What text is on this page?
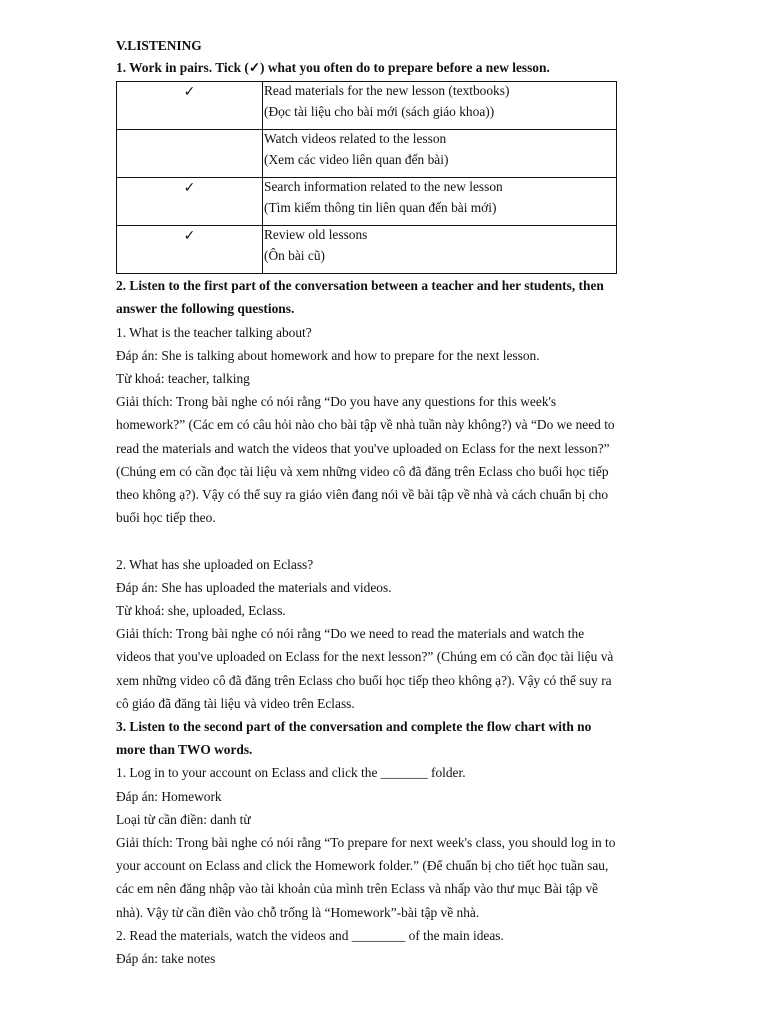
V.LISTENING
1. Work in pairs. Tick (✓) what you often do to prepare before a new lesson.
✓	Read materials for the new lesson (textbooks)
(Đọc tài liệu cho bài mới (sách giáo khoa))

	Watch videos related to the lesson
(Xem các video liên quan đến bài)

✓	Search information related to the new lesson
(Tìm kiếm thông tin liên quan đến bài mới)

✓	Review old lessons
(Ôn bài cũ)
2. Listen to the first part of the conversation between a teacher and her students, then
answer the following questions.
1. What is the teacher talking about?
Đáp án: She is talking about homework and how to prepare for the next lesson.
Từ khoá: teacher, talking
Giải thích: Trong bài nghe có nói rằng “Do you have any questions for this week's
homework?” (Các em có câu hỏi nào cho bài tập về nhà tuần này không?) và “Do we need to
read the materials and watch the videos that you've uploaded on Eclass for the next lesson?”
(Chúng em có cần đọc tài liệu và xem những video cô đã đăng trên Eclass cho buổi học tiếp
theo không ạ?). Vậy có thể suy ra giáo viên đang nói về bài tập về nhà và cách chuẩn bị cho
buổi học tiếp theo.
2. What has she uploaded on Eclass?
Đáp án: She has uploaded the materials and videos.
Từ khoá: she, uploaded, Eclass.
Giải thích: Trong bài nghe có nói rằng “Do we need to read the materials and watch the
videos that you've uploaded on Eclass for the next lesson?” (Chúng em có cần đọc tài liệu và
xem những video cô đã đăng trên Eclass cho buổi học tiếp theo không ạ?). Vậy có thể suy ra
cô giáo đã đăng tài liệu và video trên Eclass.
3. Listen to the second part of the conversation and complete the flow chart with no
more than TWO words.
1. Log in to your account on Eclass and click the _______ folder.
Đáp án: Homework
Loại từ cần điền: danh từ
Giải thích: Trong bài nghe có nói rằng “To prepare for next week's class, you should log in to
your account on Eclass and click the Homework folder.” (Để chuẩn bị cho tiết học tuần sau,
các em nên đăng nhập vào tài khoản của mình trên Eclass và nhấp vào thư mục Bài tập về
nhà). Vậy từ cần điền vào chỗ trống là “Homework”-bài tập về nhà.
2. Read the materials, watch the videos and ________ of the main ideas.
Đáp án: take notes
